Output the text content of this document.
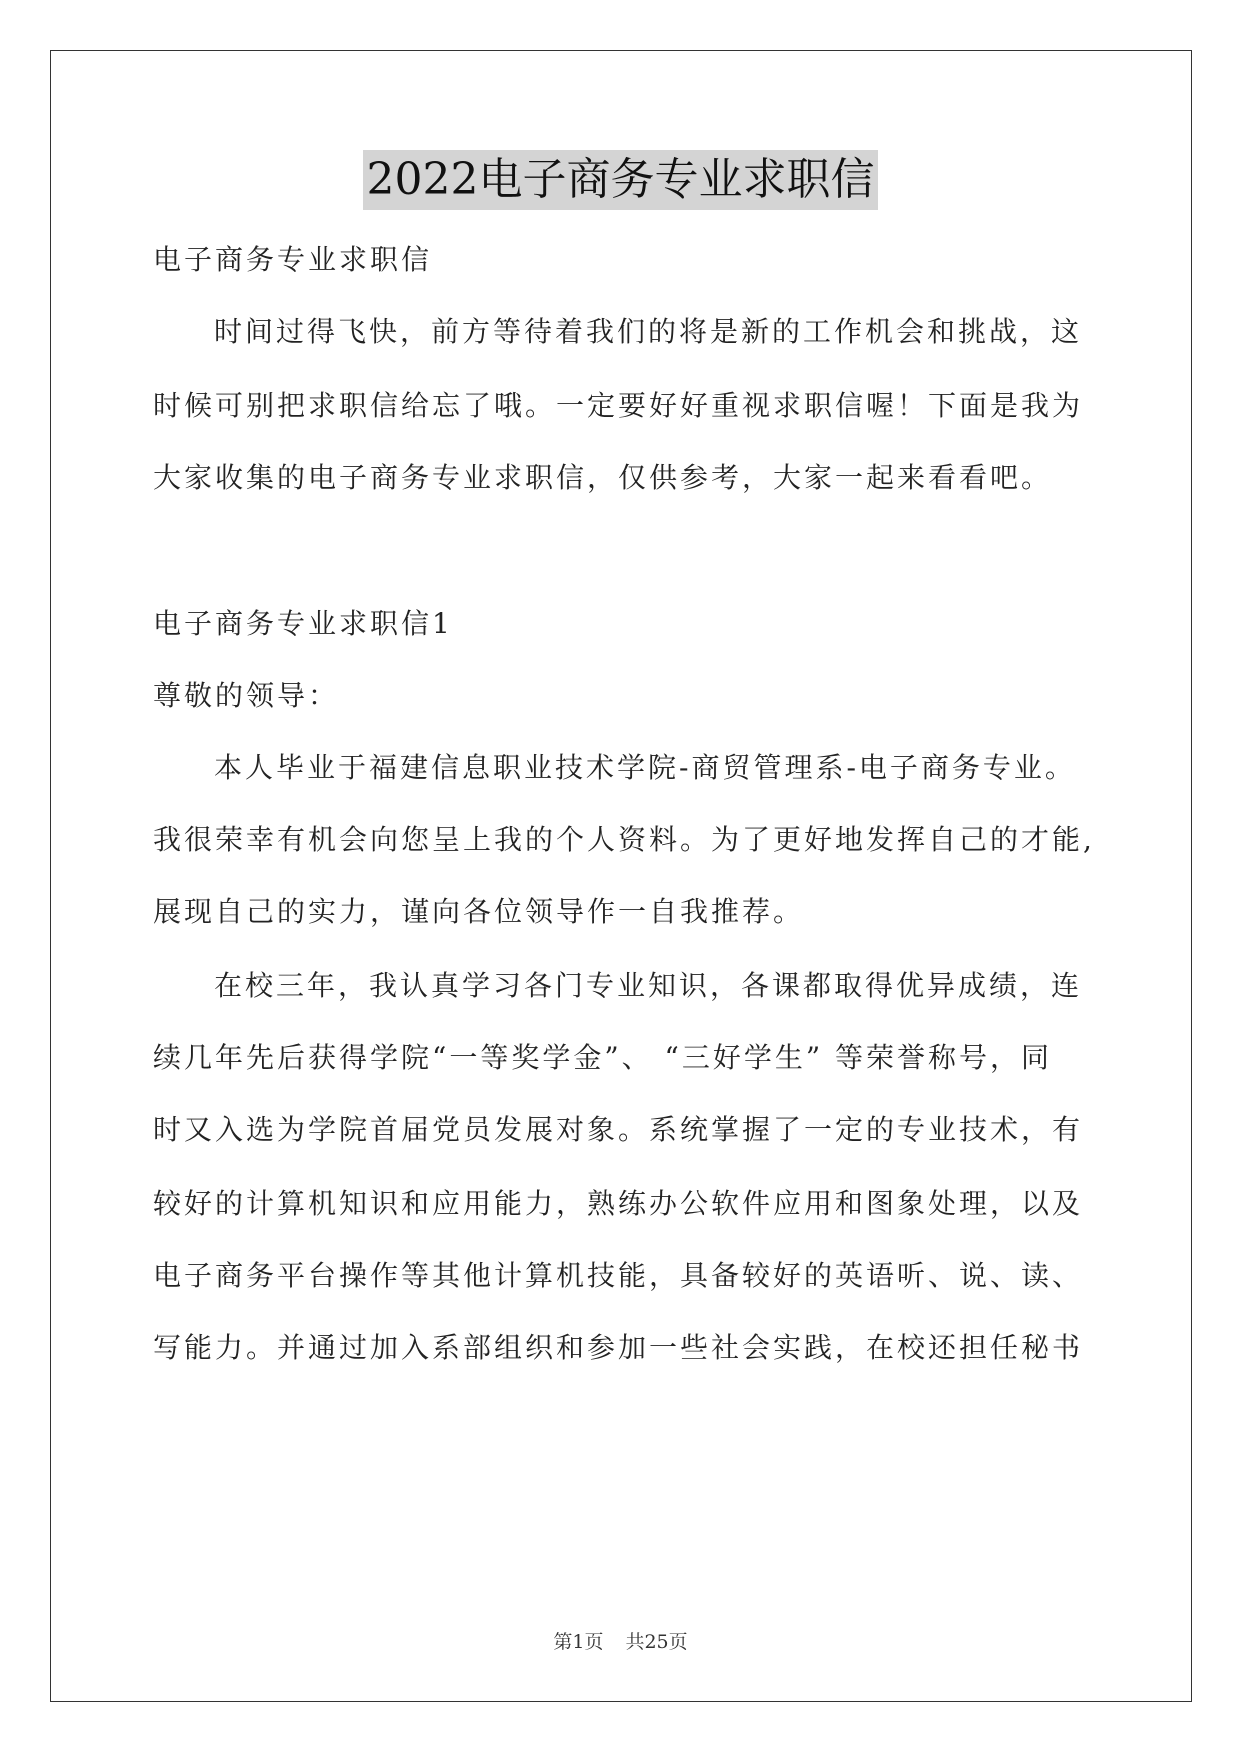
2022电子商务专业求职信

电子商务专业求职信

时间过得飞快，前方等待着我们的将是新的工作机会和挑战，这

时候可别把求职信给忘了哦。一定要好好重视求职信喔！下面是我为

大家收集的电子商务专业求职信，仅供参考，大家一起来看看吧。

电子商务专业求职信1

尊敬的领导：

本人毕业于福建信息职业技术学院-商贸管理系-电子商务专业。

我很荣幸有机会向您呈上我的个人资料。为了更好地发挥自己的才能,

展现自己的实力，谨向各位领导作一自我推荐。

在校三年，我认真学习各门专业知识，各课都取得优异成绩，连

续几年先后获得学院“一等奖学金”、 “三好学生” 等荣誉称号，同

时又入选为学院首届党员发展对象。系统掌握了一定的专业技术，有

较好的计算机知识和应用能力，熟练办公软件应用和图象处理，以及

电子商务平台操作等其他计算机技能，具备较好的英语听、说、读、

写能力。并通过加入系部组织和参加一些社会实践，在校还担任秘书

第1页 共25页
